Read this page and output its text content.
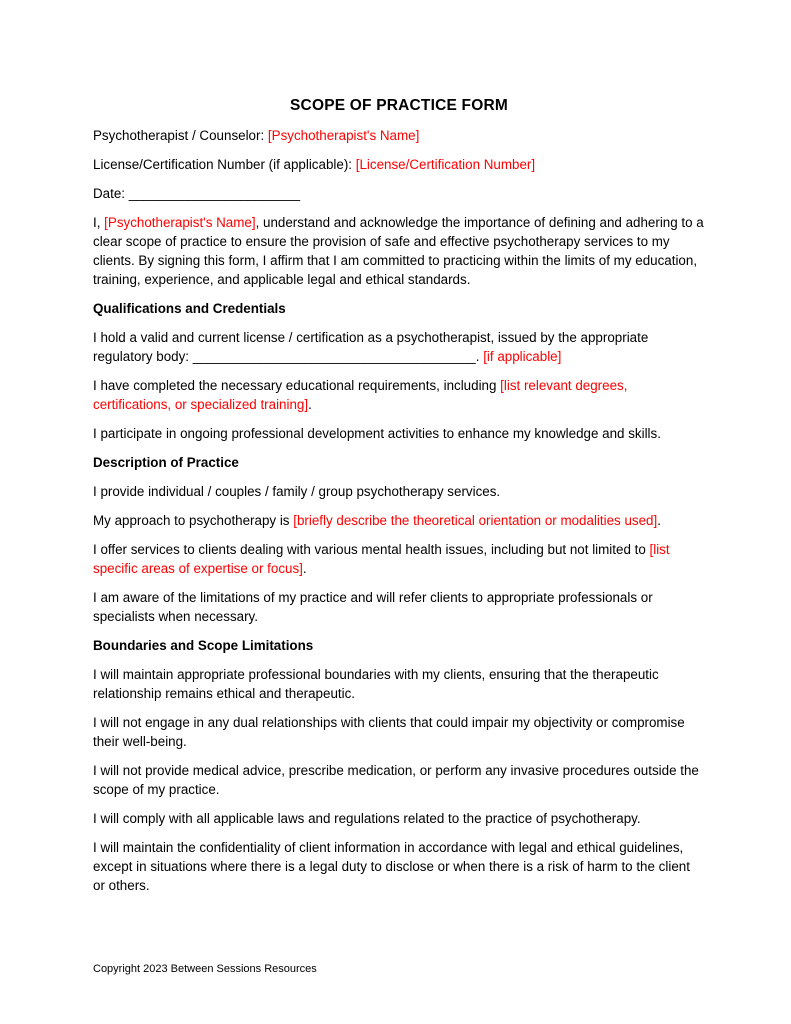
SCOPE OF PRACTICE FORM
Psychotherapist / Counselor: [Psychotherapist's Name]
License/Certification Number (if applicable): [License/Certification Number]
Date: _______________________
I, [Psychotherapist's Name], understand and acknowledge the importance of defining and adhering to a clear scope of practice to ensure the provision of safe and effective psychotherapy services to my clients. By signing this form, I affirm that I am committed to practicing within the limits of my education, training, experience, and applicable legal and ethical standards.
Qualifications and Credentials
I hold a valid and current license / certification as a psychotherapist, issued by the appropriate regulatory body: ______________________________________. [if applicable]
I have completed the necessary educational requirements, including [list relevant degrees, certifications, or specialized training].
I participate in ongoing professional development activities to enhance my knowledge and skills.
Description of Practice
I provide individual / couples / family / group psychotherapy services.
My approach to psychotherapy is [briefly describe the theoretical orientation or modalities used].
I offer services to clients dealing with various mental health issues, including but not limited to [list specific areas of expertise or focus].
I am aware of the limitations of my practice and will refer clients to appropriate professionals or specialists when necessary.
Boundaries and Scope Limitations
I will maintain appropriate professional boundaries with my clients, ensuring that the therapeutic relationship remains ethical and therapeutic.
I will not engage in any dual relationships with clients that could impair my objectivity or compromise their well-being.
I will not provide medical advice, prescribe medication, or perform any invasive procedures outside the scope of my practice.
I will comply with all applicable laws and regulations related to the practice of psychotherapy.
I will maintain the confidentiality of client information in accordance with legal and ethical guidelines, except in situations where there is a legal duty to disclose or when there is a risk of harm to the client or others.
Copyright 2023 Between Sessions Resources
